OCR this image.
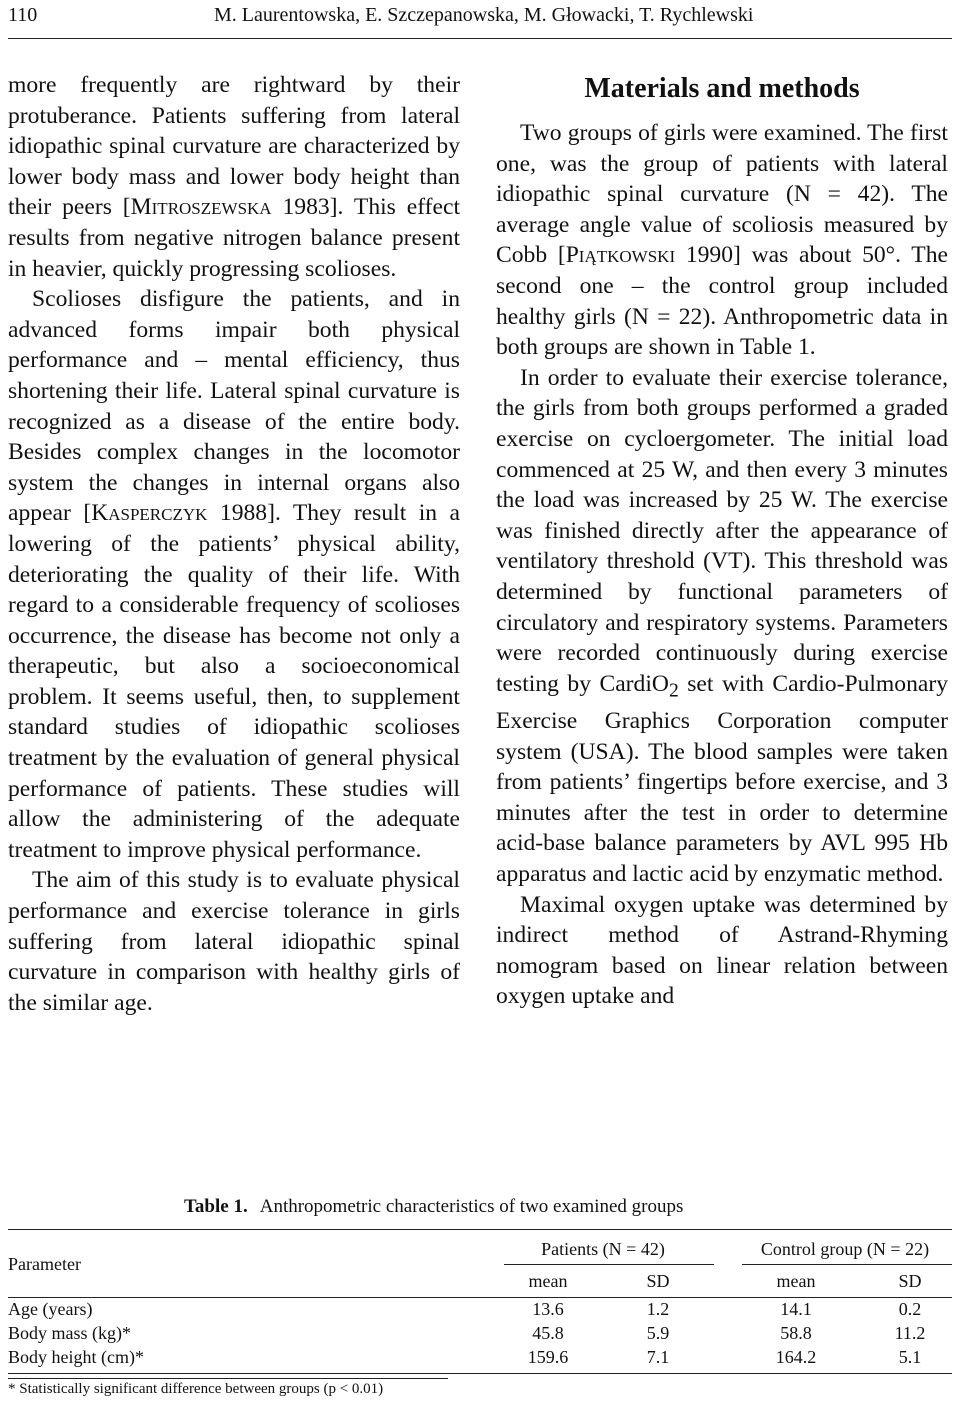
110	M. Laurentowska, E. Szczepanowska, M. Głowacki, T. Rychlewski

more frequently are rightward by their protuberance. Patients suffering from lateral idiopathic spinal curvature are characterized by lower body mass and lower body height than their peers [Mitroszewska 1983]. This effect results from negative nitrogen balance present in heavier, quickly progressing scolioses.

Scolioses disfigure the patients, and in advanced forms impair both physical performance and – mental efficiency, thus shortening their life. Lateral spinal curvature is recognized as a disease of the entire body. Besides complex changes in the locomotor system the changes in internal organs also appear [Kasperczyk 1988]. They result in a lowering of the patients’ physical ability, deteriorating the quality of their life. With regard to a considerable frequency of scolioses occurrence, the disease has become not only a therapeutic, but also a socioeconomical problem. It seems useful, then, to supplement standard studies of idiopathic scolioses treatment by the evaluation of general physical performance of patients. These studies will allow the administering of the adequate treatment to improve physical performance.

The aim of this study is to evaluate physical performance and exercise tolerance in girls suffering from lateral idiopathic spinal curvature in comparison with healthy girls of the similar age.

Materials and methods

Two groups of girls were examined. The first one, was the group of patients with lateral idiopathic spinal curvature (N = 42). The average angle value of scoliosis measured by Cobb [Piątkowski 1990] was about 50°. The second one – the control group included healthy girls (N = 22). Anthropometric data in both groups are shown in Table 1.

In order to evaluate their exercise tolerance, the girls from both groups performed a graded exercise on cycloergometer. The initial load commenced at 25 W, and then every 3 minutes the load was increased by 25 W. The exercise was finished directly after the appearance of ventilatory threshold (VT). This threshold was determined by functional parameters of circulatory and respiratory systems. Parameters were recorded continuously during exercise testing by CardiO$_2$ set with Cardio-Pulmonary Exercise Graphics Corporation computer system (USA). The blood samples were taken from patients’ fingertips before exercise, and 3 minutes after the test in order to determine acid-base balance parameters by AVL 995 Hb apparatus and lactic acid by enzymatic method.

Maximal oxygen uptake was determined by indirect method of Astrand-Rhyming nomogram based on linear relation between oxygen uptake and

Table 1. Anthropometric characteristics of two examined groups
Parameter
Patients (N = 42)	Control group (N = 22)
mean	SD	mean	SD
Age (years)	13.6	1.2	14.1	0.2
Body mass (kg)*	45.8	5.9	58.8	11.2
Body height (cm)*	159.6	7.1	164.2	5.1
* Statistically significant difference between groups (p < 0.01)
